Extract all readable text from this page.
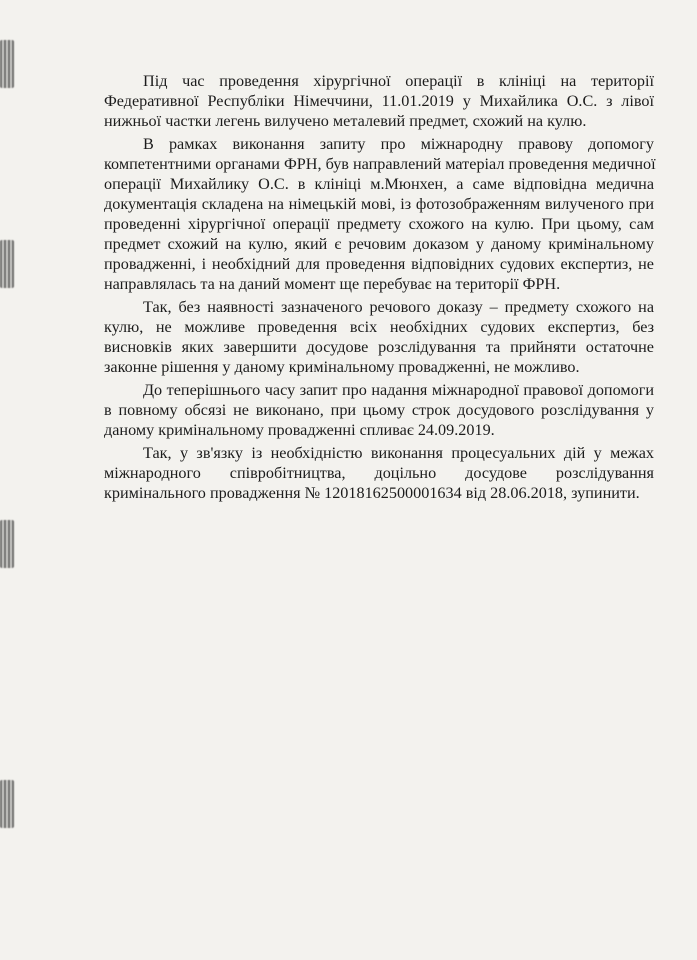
Під час проведення хірургічної операції в клініці на території
Федеративної Республіки Німеччини, 11.01.2019 у Михайлика О.С. з лівої
нижньої частки легень вилучено металевий предмет, схожий на кулю.
В рамках виконання запиту про міжнародну правову допомогу
компетентними органами ФРН, був направлений матеріал проведення медичної
операції Михайлику О.С. в клініці м.Мюнхен, а саме відповідна медична
документація складена на німецькій мові, із фотозображенням вилученого при
проведенні хірургічної операції предмету схожого на кулю. При цьому, сам
предмет схожий на кулю, який є речовим доказом у даному кримінальному
провадженні, і необхідний для проведення відповідних судових експертиз, не
направлялась та на даний момент ще перебуває на території ФРН.
Так, без наявності зазначеного речового доказу – предмету схожого на
кулю, не можливе проведення всіх необхідних судових експертиз, без
висновків яких завершити досудове розслідування та прийняти остаточне
законне рішення у даному кримінальному провадженні, не можливо.
До теперішнього часу запит про надання міжнародної правової допомоги
в повному обсязі не виконано, при цьому строк досудового розслідування у
даному кримінальному провадженні спливає 24.09.2019.
Так, у зв'язку із необхідністю виконання процесуальних дій у межах
міжнародного співробітництва, доцільно досудове розслідування
кримінального провадження № 12018162500001634 від 28.06.2018, зупинити.
